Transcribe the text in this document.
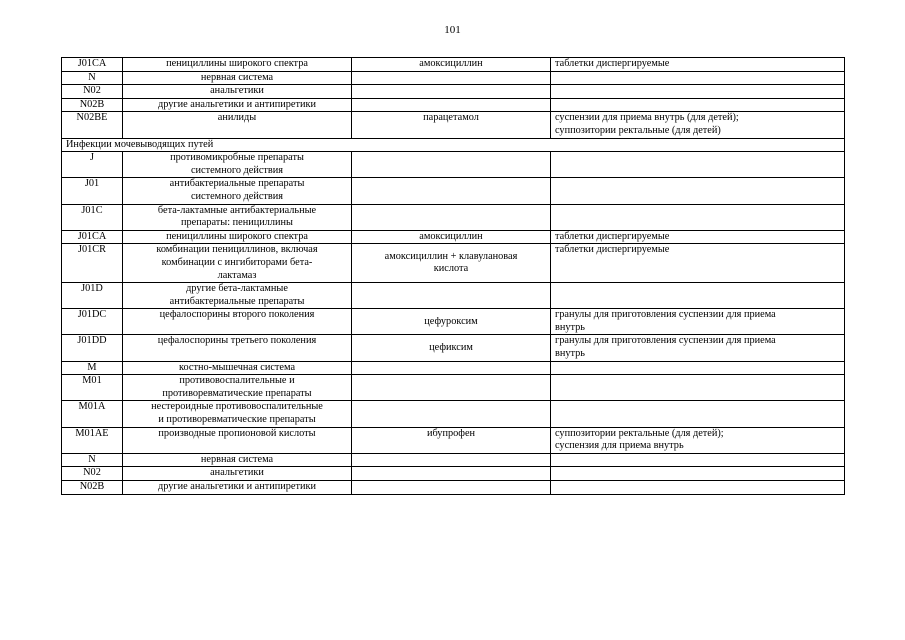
101
J01CA	пенициллины широкого спектра	амоксициллин	таблетки диспергируемые

N	нервная система		

N02	анальгетики		

N02B	другие анальгетики и антипиретики		

N02BE	анилиды	парацетамол	суспензии для приема внутрь (для детей);
суппозитории ректальные (для детей)

Инфекции мочевыводящих путей			
J	противомикробные препараты
системного действия		

J01	антибактериальные препараты
системного действия		

J01C	бета-лактамные антибактериальные
препараты: пенициллины		

J01CA	пенициллины широкого спектра	амоксициллин	таблетки диспергируемые

J01CR	комбинации пенициллинов, включая
комбинации с ингибиторами бета-
лактамаз	амоксициллин + клавулановая
кислота	таблетки диспергируемые

J01D	другие бета-лактамные
антибактериальные препараты		

J01DC	цефалоспорины второго поколения	цефуроксим	гранулы для приготовления суспензии для приема
внутрь

J01DD	цефалоспорины третьего поколения	цефиксим	гранулы для приготовления суспензии для приема
внутрь

M	костно-мышечная система		

M01	противовоспалительные и
противоревматические препараты		

M01A	нестероидные противовоспалительные
и противоревматические препараты		

M01AE	производные пропионовой кислоты	ибупрофен	суппозитории ректальные (для детей);
суспензия для приема внутрь

N	нервная система		

N02	анальгетики		

N02B	другие анальгетики и антипиретики		
